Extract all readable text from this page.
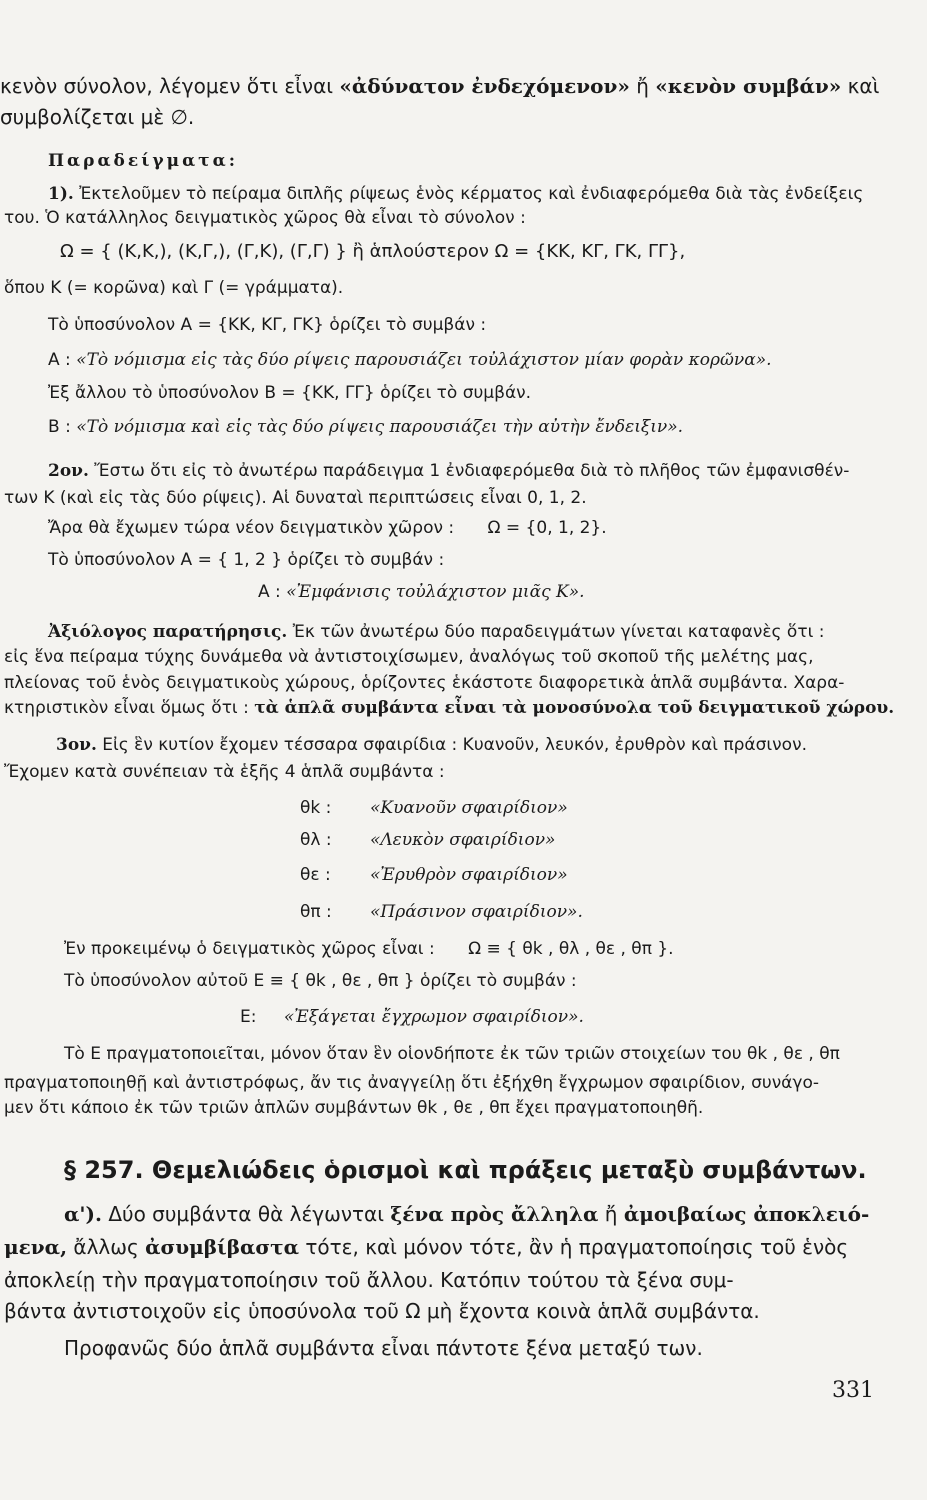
κενὸν σύνολον, λέγομεν ὅτι εἶναι «ἀδύνατον ἐνδεχόμενον» ἤ «κενὸν συμβάν» καὶ
συμβολίζεται μὲ ∅.
Παραδείγματα:
1). Ἐκτελοῦμεν τὸ πείραμα διπλῆς ρίψεως ἑνὸς κέρματος καὶ ἐνδιαφερόμεθα διὰ τὰς ἐνδείξεις
του. Ὁ κατάλληλος δειγματικὸς χῶρος θὰ εἶναι τὸ σύνολον :
Ω = { (Κ,Κ,), (Κ,Γ,), (Γ,Κ), (Γ,Γ) } ἢ ἁπλούστερον Ω = {ΚΚ, ΚΓ, ΓΚ, ΓΓ},
ὅπου Κ (= κορῶνα) καὶ Γ (= γράμματα).
Τὸ ὑποσύνολον Α = {ΚΚ, ΚΓ, ΓΚ} ὁρίζει τὸ συμβάν :
Α : «Τὸ νόμισμα εἰς τὰς δύο ρίψεις παρουσιάζει τοὐλάχιστον μίαν φορὰν κορῶνα».
Ἐξ ἄλλου τὸ ὑποσύνολον Β = {ΚΚ, ΓΓ} ὁρίζει τὸ συμβάν.
Β : «Τὸ νόμισμα καὶ εἰς τὰς δύο ρίψεις παρουσιάζει τὴν αὐτὴν ἔνδειξιν».
2ον. Ἔστω ὅτι εἰς τὸ ἀνωτέρω παράδειγμα 1 ἐνδιαφερόμεθα διὰ τὸ πλῆθος τῶν ἐμφανισθέν-
των Κ (καὶ εἰς τὰς δύο ρίψεις). Αἱ δυναταὶ περιπτώσεις εἶναι 0, 1, 2.
Ἄρα θὰ ἔχωμεν τώρα νέον δειγματικὸν χῶρον : Ω = {0, 1, 2}.
Τὸ ὑποσύνολον Α = { 1, 2 } ὁρίζει τὸ συμβάν :
Α : «Ἐμφάνισις τοὐλάχιστον μιᾶς Κ».
Ἀξιόλογος παρατήρησις. Ἐκ τῶν ἀνωτέρω δύο παραδειγμάτων γίνεται καταφανὲς ὅτι :
εἰς ἕνα πείραμα τύχης δυνάμεθα νὰ ἀντιστοιχίσωμεν, ἀναλόγως τοῦ σκοποῦ τῆς μελέτης μας,
πλείονας τοῦ ἑνὸς δειγματικοὺς χώρους, ὁρίζοντες ἑκάστοτε διαφορετικὰ ἁπλᾶ συμβάντα. Χαρα-
κτηριστικὸν εἶναι ὅμως ὅτι : τὰ ἁπλᾶ συμβάντα εἶναι τὰ μονοσύνολα τοῦ δειγματικοῦ χώρου.
3ον. Εἰς ἓν κυτίον ἔχομεν τέσσαρα σφαιρίδια : Κυανοῦν, λευκόν, ἐρυθρὸν καὶ πράσινον.
Ἔχομεν κατὰ συνέπειαν τὰ ἑξῆς 4 ἁπλᾶ συμβάντα :
θk : «Κυανοῦν σφαιρίδιον»
θλ : «Λευκὸν σφαιρίδιον»
θε : «Ἐρυθρὸν σφαιρίδιον»
θπ : «Πράσινον σφαιρίδιον».
Ἐν προκειμένῳ ὁ δειγματικὸς χῶρος εἶναι : Ω ≡ { θk , θλ , θε , θπ }.
Τὸ ὑποσύνολον αὐτοῦ Ε ≡ { θk , θε , θπ } ὁρίζει τὸ συμβάν :
Ε: «Ἐξάγεται ἔγχρωμον σφαιρίδιον».
Τὸ Ε πραγματοποιεῖται, μόνον ὅταν ἓν οἱονδήποτε ἐκ τῶν τριῶν στοιχείων του θk , θε , θπ
πραγματοποιηθῇ καὶ ἀντιστρόφως, ἄν τις ἀναγγείλῃ ὅτι ἐξήχθη ἔγχρωμον σφαιρίδιον, συνάγο-
μεν ὅτι κάποιο ἐκ τῶν τριῶν ἁπλῶν συμβάντων θk , θε , θπ ἔχει πραγματοποιηθῆ.
§ 257. Θεμελιώδεις ὁρισμοὶ καὶ πράξεις μεταξὺ συμβάντων.
α'). Δύο συμβάντα θὰ λέγωνται ξένα πρὸς ἄλληλα ἤ ἀμοιβαίως ἀποκλειό-
μενα, ἄλλως ἀσυμβίβαστα τότε, καὶ μόνον τότε, ἂν ἡ πραγματοποίησις τοῦ ἑνὸς
ἀποκλείῃ τὴν πραγματοποίησιν τοῦ ἄλλου. Κατόπιν τούτου τὰ ξένα συμ-
βάντα ἀντιστοιχοῦν εἰς ὑποσύνολα τοῦ Ω μὴ ἔχοντα κοινὰ ἁπλᾶ συμβάντα.
Προφανῶς δύο ἁπλᾶ συμβάντα εἶναι πάντοτε ξένα μεταξύ των.
331
